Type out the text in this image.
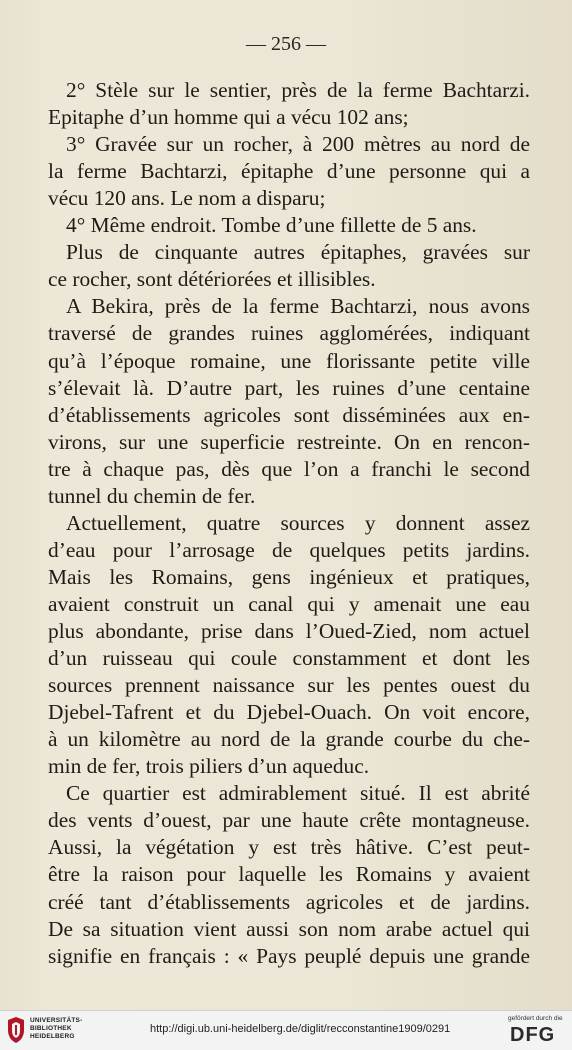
— 256 —
2° Stèle sur le sentier, près de la ferme Bachtarzi.
Epitaphe d’un homme qui a vécu 102 ans;
3° Gravée sur un rocher, à 200 mètres au nord de
la ferme Bachtarzi, épitaphe d’une personne qui a
vécu 120 ans. Le nom a disparu;
4° Même endroit. Tombe d’une fillette de 5 ans.
Plus de cinquante autres épitaphes, gravées sur
ce rocher, sont détériorées et illisibles.
A Bekira, près de la ferme Bachtarzi, nous avons
traversé de grandes ruines agglomérées, indiquant
qu’à l’époque romaine, une florissante petite ville
s’élevait là. D’autre part, les ruines d’une centaine
d’établissements agricoles sont disséminées aux en-
virons, sur une superficie restreinte. On en rencon-
tre à chaque pas, dès que l’on a franchi le second
tunnel du chemin de fer.
Actuellement, quatre sources y donnent assez
d’eau pour l’arrosage de quelques petits jardins.
Mais les Romains, gens ingénieux et pratiques,
avaient construit un canal qui y amenait une eau
plus abondante, prise dans l’Oued-Zied, nom actuel
d’un ruisseau qui coule constamment et dont les
sources prennent naissance sur les pentes ouest du
Djebel-Tafrent et du Djebel-Ouach. On voit encore,
à un kilomètre au nord de la grande courbe du che-
min de fer, trois piliers d’un aqueduc.
Ce quartier est admirablement situé. Il est abrité
des vents d’ouest, par une haute crête montagneuse.
Aussi, la végétation y est très hâtive. C’est peut-
être la raison pour laquelle les Romains y avaient
créé tant d’établissements agricoles et de jardins.
De sa situation vient aussi son nom arabe actuel qui
signifie en français : « Pays peuplé depuis une grande
UNIVERSITÄTS-
BIBLIOTHEK
HEIDELBERG
http://digi.ub.uni-heidelberg.de/diglit/recconstantine1909/0291
gefördert durch die
DFG
